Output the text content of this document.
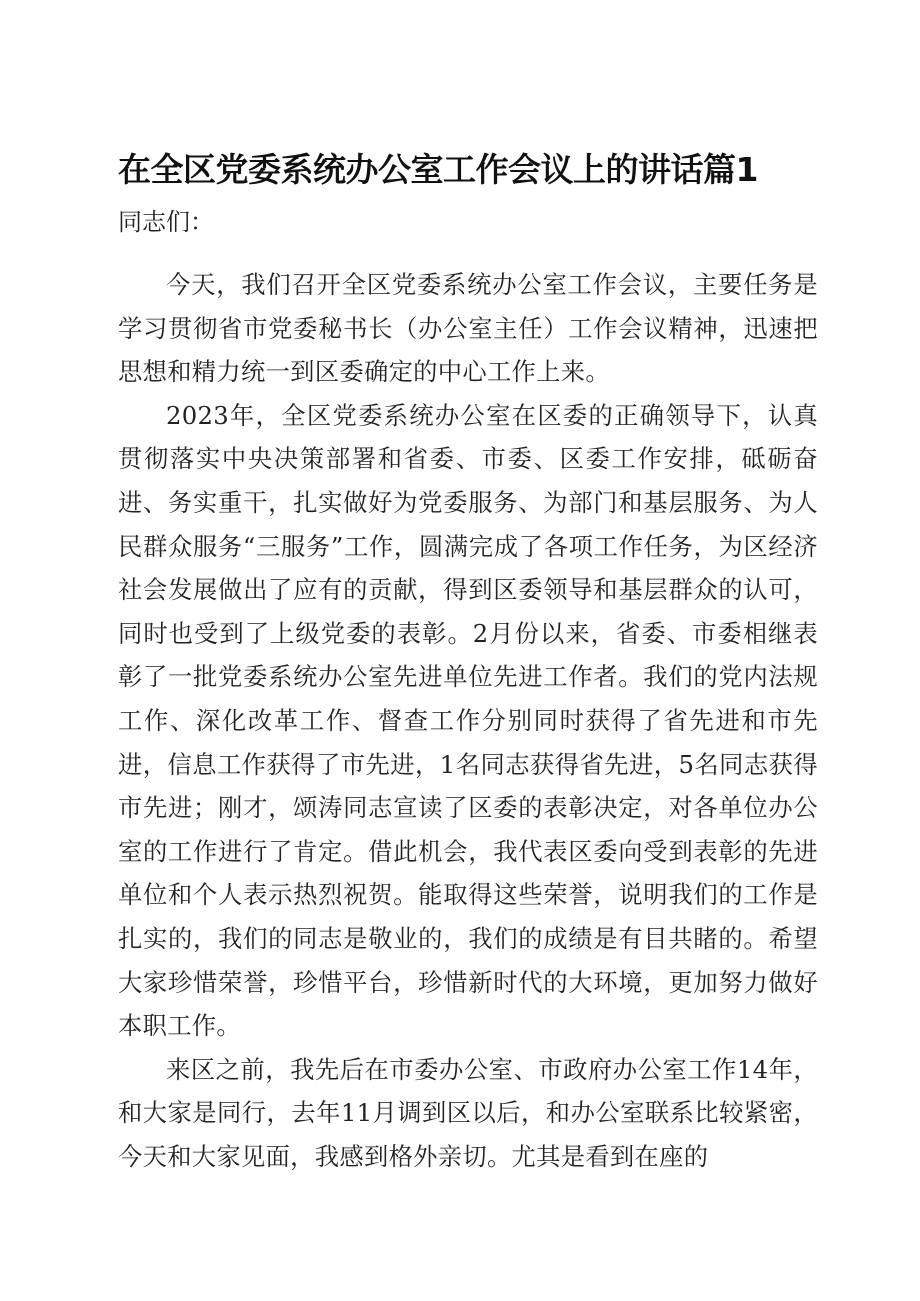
在全区党委系统办公室工作会议上的讲话篇1

同志们：

今天，我们召开全区党委系统办公室工作会议，主要任务是学习贯彻省市党委秘书长（办公室主任）工作会议精神，迅速把思想和精力统一到区委确定的中心工作上来。

2023年，全区党委系统办公室在区委的正确领导下，认真贯彻落实中央决策部署和省委、市委、区委工作安排，砥砺奋进、务实重干，扎实做好为党委服务、为部门和基层服务、为人民群众服务“三服务”工作，圆满完成了各项工作任务，为区经济社会发展做出了应有的贡献，得到区委领导和基层群众的认可，同时也受到了上级党委的表彰。2月份以来，省委、市委相继表彰了一批党委系统办公室先进单位先进工作者。我们的党内法规工作、深化改革工作、督查工作分别同时获得了省先进和市先进，信息工作获得了市先进，1名同志获得省先进，5名同志获得市先进；刚才，颂涛同志宣读了区委的表彰决定，对各单位办公室的工作进行了肯定。借此机会，我代表区委向受到表彰的先进单位和个人表示热烈祝贺。能取得这些荣誉，说明我们的工作是扎实的，我们的同志是敬业的，我们的成绩是有目共睹的。希望大家珍惜荣誉，珍惜平台，珍惜新时代的大环境，更加努力做好本职工作。

来区之前，我先后在市委办公室、市政府办公室工作14年，和大家是同行，去年11月调到区以后，和办公室联系比较紧密，今天和大家见面，我感到格外亲切。尤其是看到在座的
